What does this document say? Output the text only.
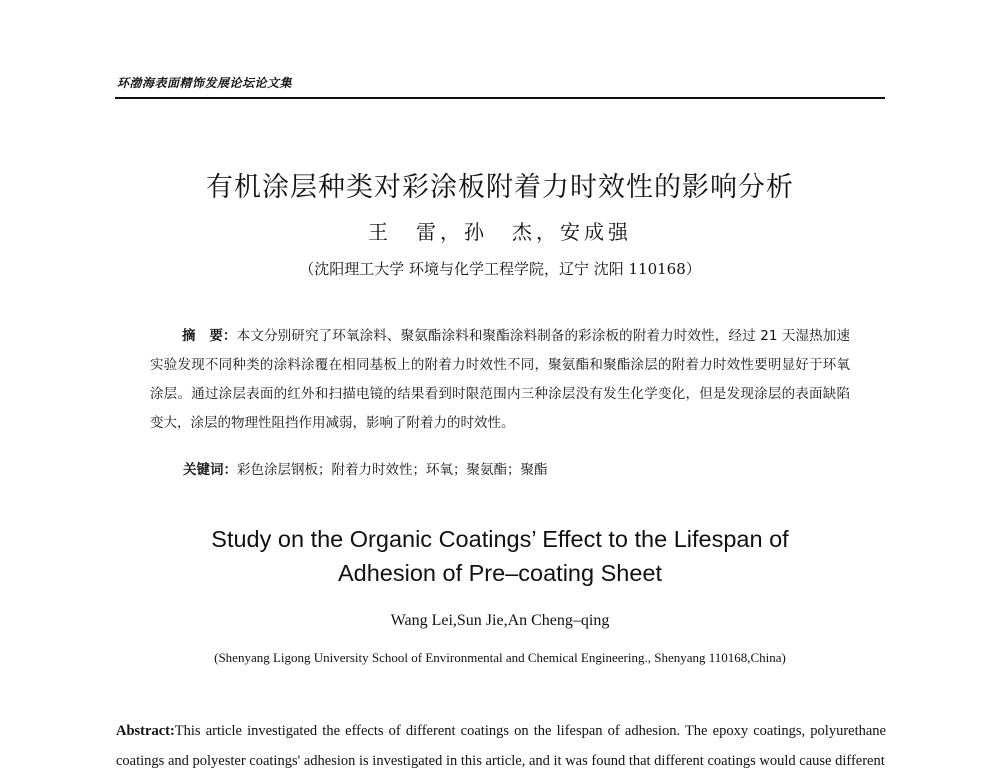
环渤海表面精饰发展论坛论文集
有机涂层种类对彩涂板附着力时效性的影响分析
王　雷，孙　杰，安成强
（沈阳理工大学 环境与化学工程学院，辽宁 沈阳 110168）
摘　要：本文分别研究了环氧涂料、聚氨酯涂料和聚酯涂料制备的彩涂板的附着力时效性，经过 21 天湿热加速实验发现不同种类的涂料涂覆在相同基板上的附着力时效性不同，聚氨酯和聚酯涂层的附着力时效性要明显好于环氧涂层。通过涂层表面的红外和扫描电镜的结果看到时限范围内三种涂层没有发生化学变化，但是发现涂层的表面缺陷变大，涂层的物理性阻挡作用减弱，影响了附着力的时效性。
关键词：彩色涂层钢板；附着力时效性；环氧；聚氨酯；聚酯
Study on the Organic Coatings’ Effect to the Lifespan of
Adhesion of Pre–coating Sheet
Wang Lei,Sun Jie,An Cheng–qing
(Shenyang Ligong University School of Environmental and Chemical Engineering., Shenyang 110168,China)
Abstract:This article investigated the effects of different coatings on the lifespan of adhesion. The epoxy coatings, polyurethane coatings and polyester coatings' adhesion is investigated in this article, and it was found that different coatings would cause different
